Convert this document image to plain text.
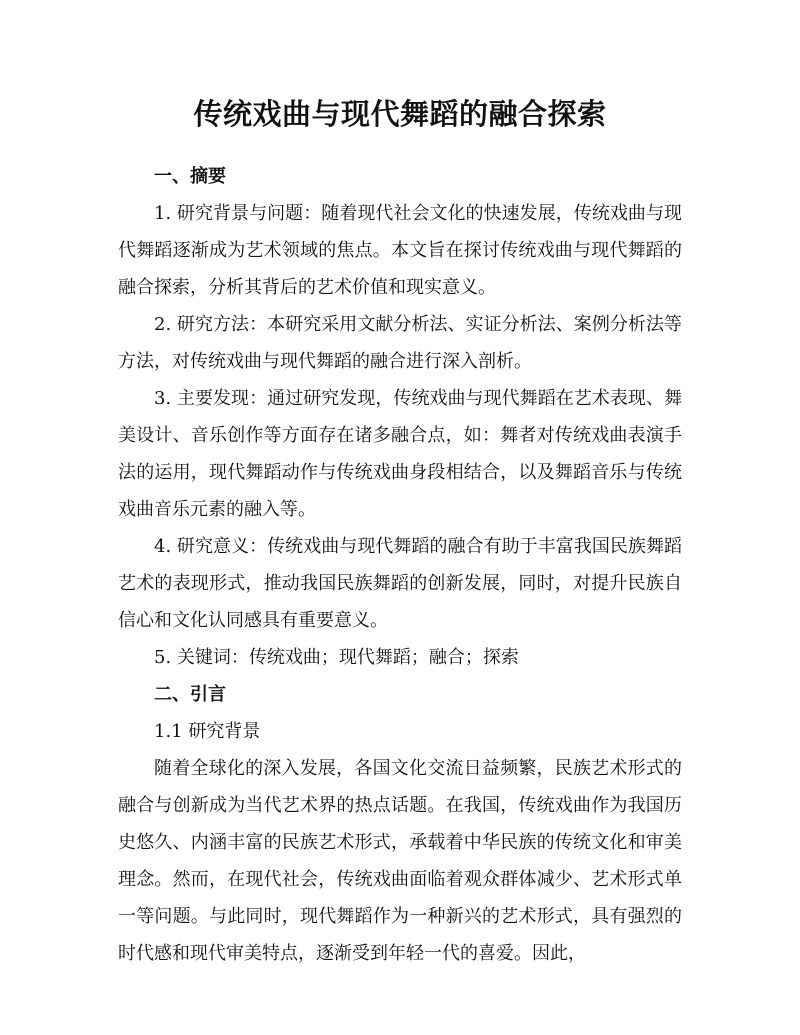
传统戏曲与现代舞蹈的融合探索
一、摘要

1. 研究背景与问题：随着现代社会文化的快速发展，传统戏曲与现代舞蹈逐渐成为艺术领域的焦点。本文旨在探讨传统戏曲与现代舞蹈的融合探索，分析其背后的艺术价值和现实意义。

2. 研究方法：本研究采用文献分析法、实证分析法、案例分析法等方法，对传统戏曲与现代舞蹈的融合进行深入剖析。

3. 主要发现：通过研究发现，传统戏曲与现代舞蹈在艺术表现、舞美设计、音乐创作等方面存在诸多融合点，如：舞者对传统戏曲表演手法的运用，现代舞蹈动作与传统戏曲身段相结合，以及舞蹈音乐与传统戏曲音乐元素的融入等。

4. 研究意义：传统戏曲与现代舞蹈的融合有助于丰富我国民族舞蹈艺术的表现形式，推动我国民族舞蹈的创新发展，同时，对提升民族自信心和文化认同感具有重要意义。

5. 关键词：传统戏曲；现代舞蹈；融合；探索

二、引言

1.1 研究背景

随着全球化的深入发展，各国文化交流日益频繁，民族艺术形式的融合与创新成为当代艺术界的热点话题。在我国，传统戏曲作为我国历史悠久、内涵丰富的民族艺术形式，承载着中华民族的传统文化和审美理念。然而，在现代社会，传统戏曲面临着观众群体减少、艺术形式单一等问题。与此同时，现代舞蹈作为一种新兴的艺术形式，具有强烈的时代感和现代审美特点，逐渐受到年轻一代的喜爱。因此，
